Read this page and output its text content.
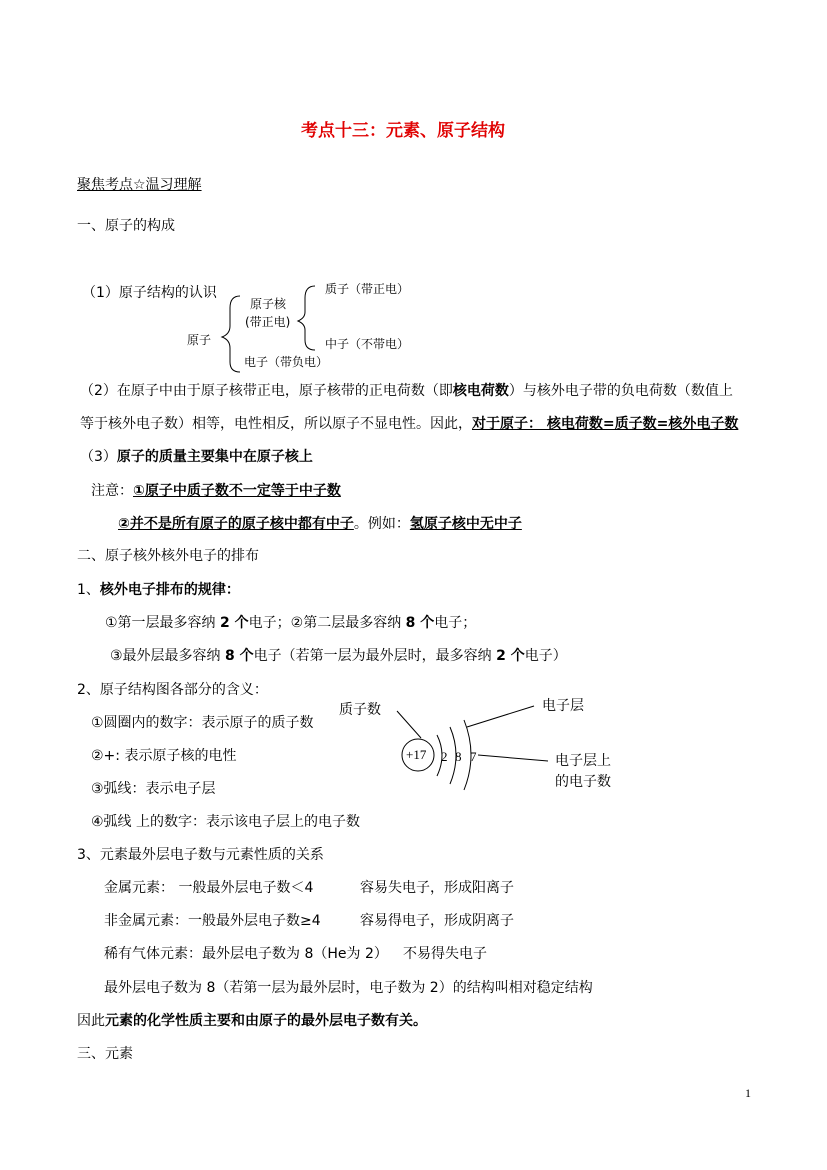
考点十三：元素、原子结构
聚焦考点☆温习理解
一、原子的构成
（1）原子结构的认识
原子核
(带正电)
原子
质子（带正电）
中子（不带电）
电子（带负电）
（2）在原子中由于原子核带正电，原子核带的正电荷数（即核电荷数）与核外电子带的负电荷数（数值上
等于核外电子数）相等，电性相反，所以原子不显电性。因此，对于原子： 核电荷数=质子数=核外电子数
（3）原子的质量主要集中在原子核上
注意：①原子中质子数不一定等于中子数
②并不是所有原子的原子核中都有中子。例如：氢原子核中无中子
二、原子核外核外电子的排布
1、核外电子排布的规律：
①第一层最多容纳 2 个电子；②第二层最多容纳 8 个电子；
③最外层最多容纳 8 个电子（若第一层为最外层时，最多容纳 2 个电子）
2、原子结构图各部分的含义：
①圆圈内的数字：表示原子的质子数
②+: 表示原子核的电性
③弧线：表示电子层
④弧线 上的数字：表示该电子层上的电子数
质子数	电子层
电子层上
的电子数
+17 2 8 7
3、元素最外层电子数与元素性质的关系
金属元素： 一般最外层电子数＜4	容易失电子，形成阳离子
非金属元素：一般最外层电子数≥4	容易得电子，形成阴离子
稀有气体元素：最外层电子数为 8（He为 2） 不易得失电子
最外层电子数为 8（若第一层为最外层时，电子数为 2）的结构叫相对稳定结构
因此元素的化学性质主要和由原子的最外层电子数有关。
三、元素
1
